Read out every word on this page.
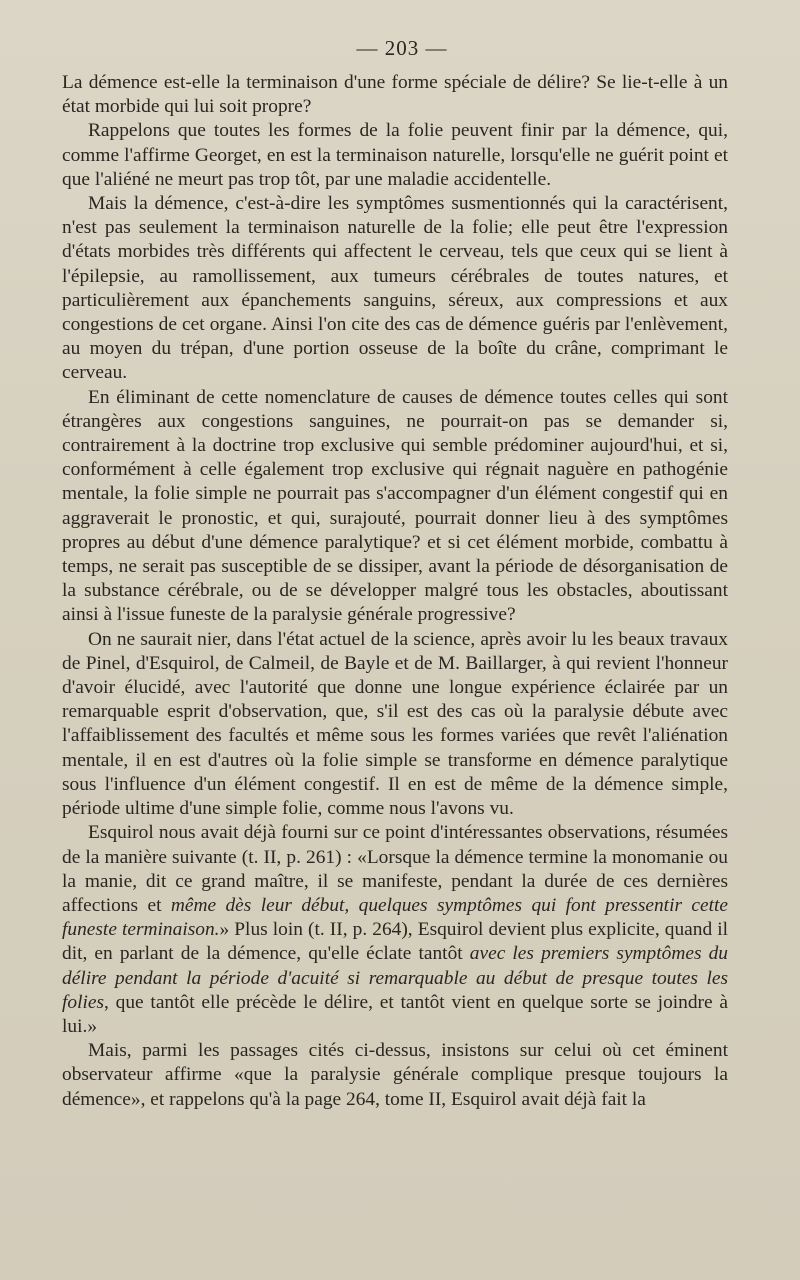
— 203 —

La démence est-elle la terminaison d'une forme spéciale de délire? Se lie-t-elle à un état morbide qui lui soit propre?

Rappelons que toutes les formes de la folie peuvent finir par la démence, qui, comme l'affirme Georget, en est la terminaison naturelle, lorsqu'elle ne guérit point et que l'aliéné ne meurt pas trop tôt, par une maladie accidentelle.

Mais la démence, c'est-à-dire les symptômes susmentionnés qui la caractérisent, n'est pas seulement la terminaison naturelle de la folie; elle peut être l'expression d'états morbides très différents qui affectent le cerveau, tels que ceux qui se lient à l'épilepsie, au ramollissement, aux tumeurs cérébrales de toutes natures, et particulièrement aux épanchements sanguins, séreux, aux compressions et aux congestions de cet organe. Ainsi l'on cite des cas de démence guéris par l'enlèvement, au moyen du trépan, d'une portion osseuse de la boîte du crâne, comprimant le cerveau.

En éliminant de cette nomenclature de causes de démence toutes celles qui sont étrangères aux congestions sanguines, ne pourrait-on pas se demander si, contrairement à la doctrine trop exclusive qui semble prédominer aujourd'hui, et si, conformément à celle également trop exclusive qui régnait naguère en pathogénie mentale, la folie simple ne pourrait pas s'accompagner d'un élément congestif qui en aggraverait le pronostic, et qui, surajouté, pourrait donner lieu à des symptômes propres au début d'une démence paralytique? et si cet élément morbide, combattu à temps, ne serait pas susceptible de se dissiper, avant la période de désorganisation de la substance cérébrale, ou de se développer malgré tous les obstacles, aboutissant ainsi à l'issue funeste de la paralysie générale progressive?

On ne saurait nier, dans l'état actuel de la science, après avoir lu les beaux travaux de Pinel, d'Esquirol, de Calmeil, de Bayle et de M. Baillarger, à qui revient l'honneur d'avoir élucidé, avec l'autorité que donne une longue expérience éclairée par un remarquable esprit d'observation, que, s'il est des cas où la paralysie débute avec l'affaiblissement des facultés et même sous les formes variées que revêt l'aliénation mentale, il en est d'autres où la folie simple se transforme en démence paralytique sous l'influence d'un élément congestif. Il en est de même de la démence simple, période ultime d'une simple folie, comme nous l'avons vu.

Esquirol nous avait déjà fourni sur ce point d'intéressantes observations, résumées de la manière suivante (t. II, p. 261) : «Lorsque la démence termine la monomanie ou la manie, dit ce grand maître, il se manifeste, pendant la durée de ces dernières affections et même dès leur début, quelques symptômes qui font pressentir cette funeste terminaison.» Plus loin (t. II, p. 264), Esquirol devient plus explicite, quand il dit, en parlant de la démence, qu'elle éclate tantôt avec les premiers symptômes du délire pendant la période d'acuité si remarquable au début de presque toutes les folies, que tantôt elle précède le délire, et tantôt vient en quelque sorte se joindre à lui.»

Mais, parmi les passages cités ci-dessus, insistons sur celui où cet éminent observateur affirme «que la paralysie générale complique presque toujours la démence», et rappelons qu'à la page 264, tome II, Esquirol avait déjà fait la
